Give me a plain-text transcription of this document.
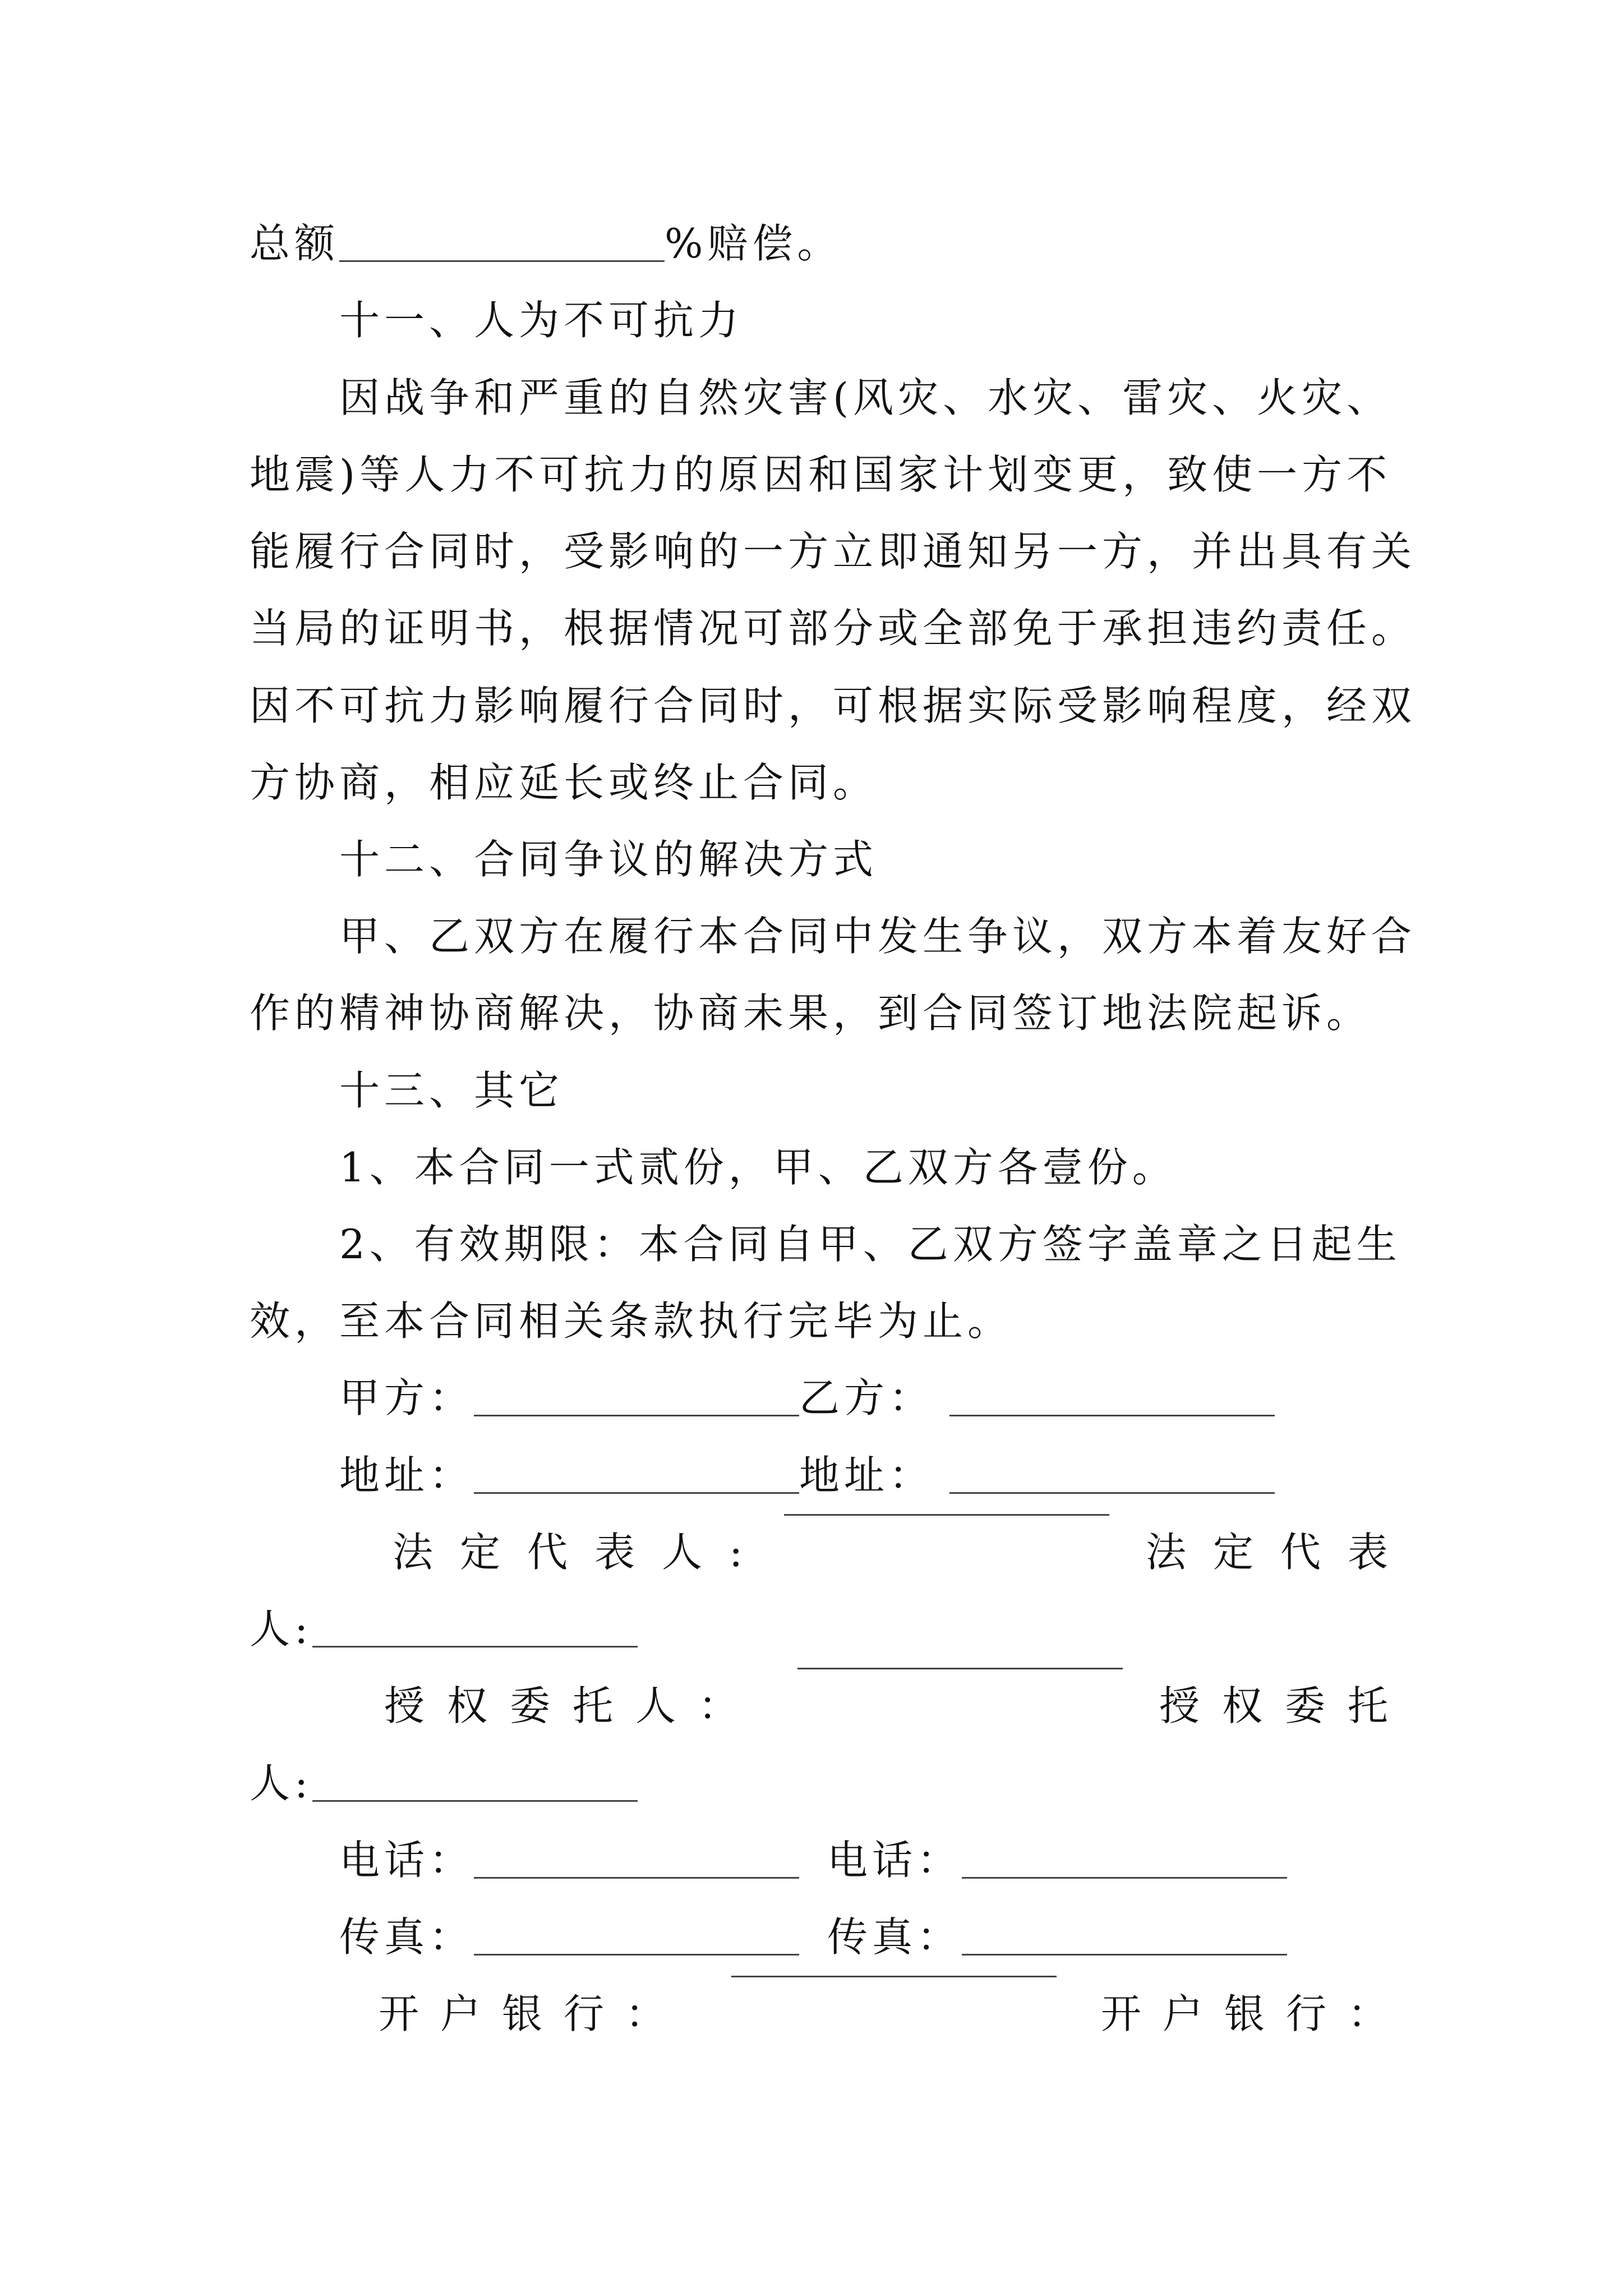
总额	%赔偿。
十一、人为不可抗力
因战争和严重的自然灾害(风灾、水灾、雷灾、火灾、
地震)等人力不可抗力的原因和国家计划变更，致使一方不
能履行合同时，受影响的一方立即通知另一方，并出具有关
当局的证明书，根据情况可部分或全部免于承担违约责任。
因不可抗力影响履行合同时，可根据实际受影响程度，经双
方协商，相应延长或终止合同。
十二、合同争议的解决方式
甲、乙双方在履行本合同中发生争议，双方本着友好合
作的精神协商解决，协商未果，到合同签订地法院起诉。
十三、其它
1、本合同一式贰份，甲、乙双方各壹份。
2、有效期限：本合同自甲、乙双方签字盖章之日起生
效，至本合同相关条款执行完毕为止。
甲方：	乙方：
地址：	地址：
法定代表人:	法定代表
人:
授权委托人：	授权委托
人:
电话：	电话：
传真：	传真：
开户银行：	开户银行：
